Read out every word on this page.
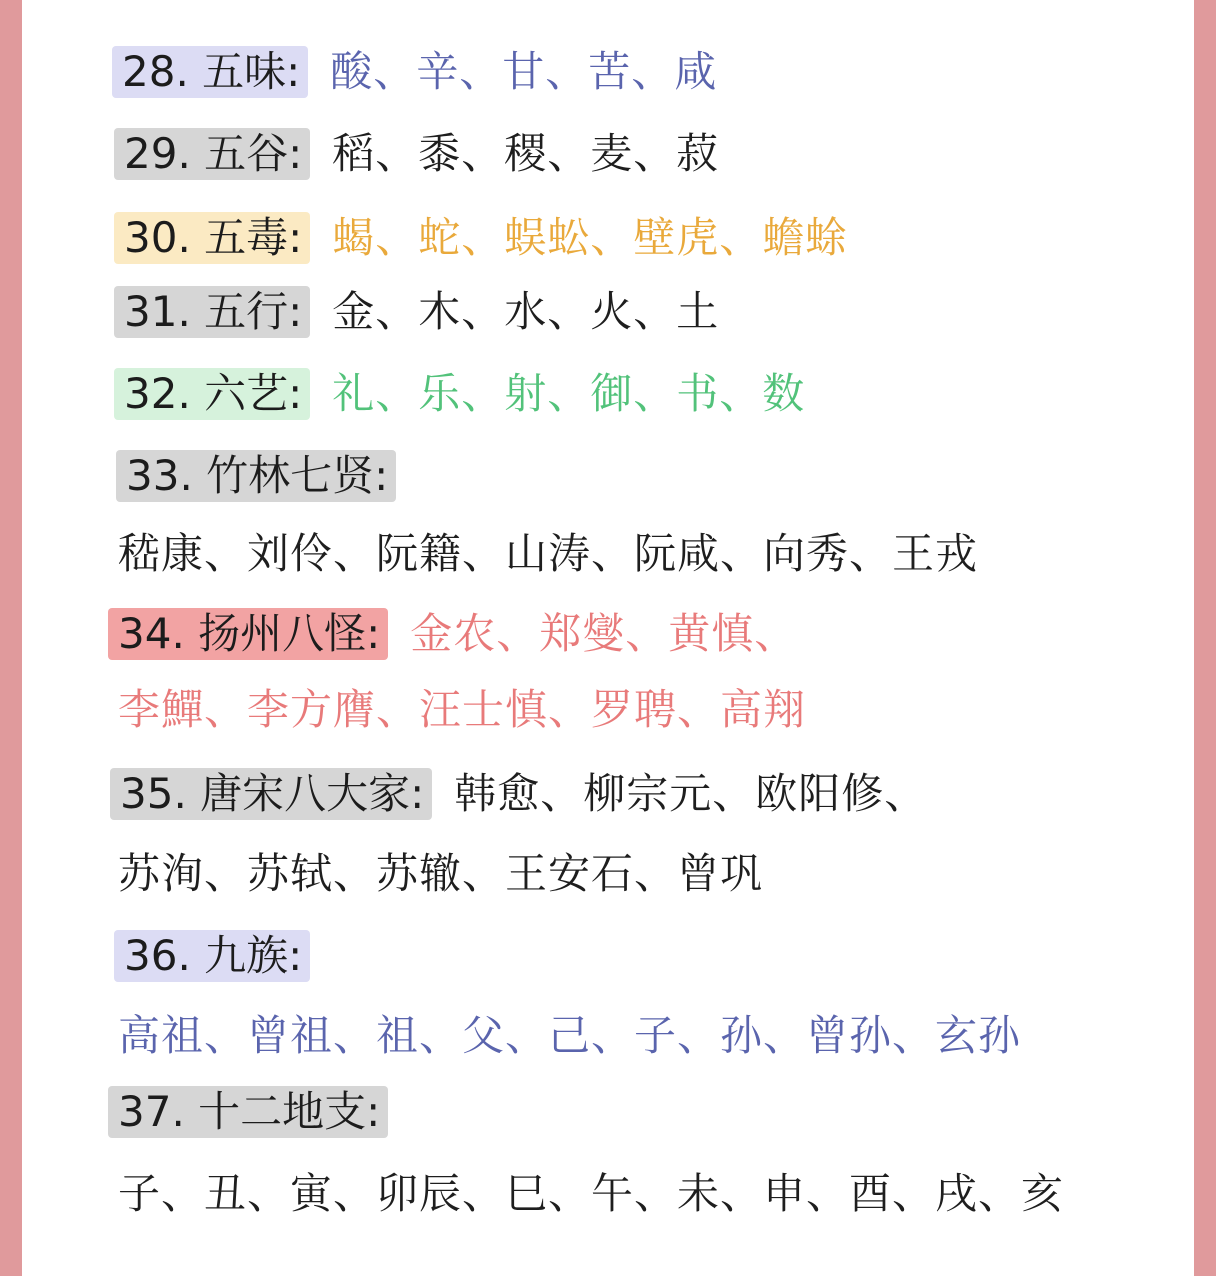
28. 五味: 酸、辛、甘、苦、咸
29. 五谷: 稻、黍、稷、麦、菽
30. 五毒: 蝎、蛇、蜈蚣、壁虎、蟾蜍
31. 五行: 金、木、水、火、土
32. 六艺: 礼、乐、射、御、书、数
33. 竹林七贤:
嵇康、刘伶、阮籍、山涛、阮咸、向秀、王戎
34. 扬州八怪: 金农、郑燮、黄慎、
李鱓、李方膺、汪士慎、罗聘、高翔
35. 唐宋八大家: 韩愈、柳宗元、欧阳修、
苏洵、苏轼、苏辙、王安石、曾巩
36. 九族:
高祖、曾祖、祖、父、己、子、孙、曾孙、玄孙
37. 十二地支:
子、丑、寅、卯辰、巳、午、未、申、酉、戌、亥
